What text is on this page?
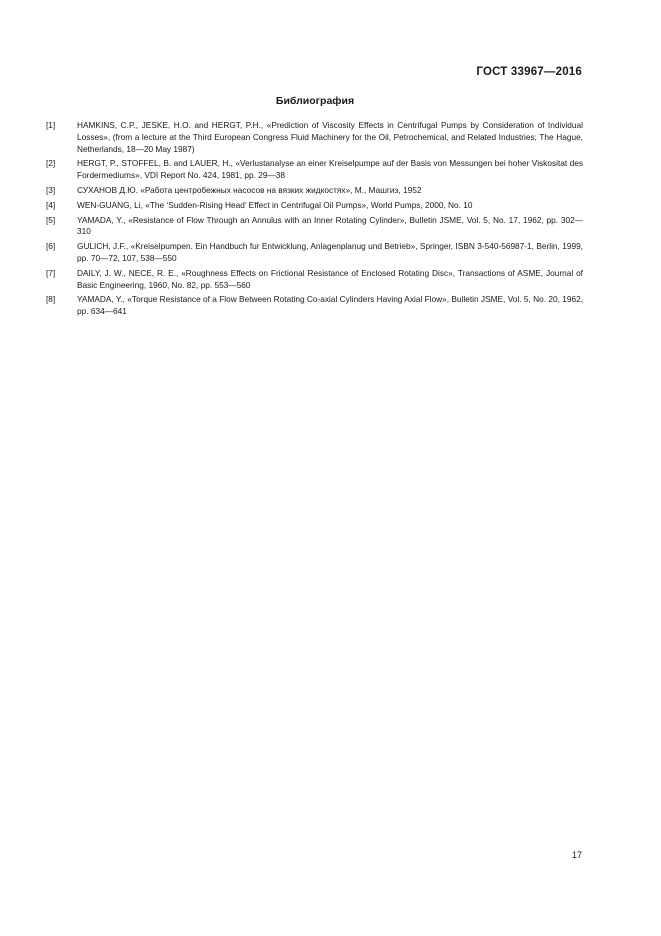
ГОСТ 33967—2016
Библиография
[1]	HAMKINS, C.P., JESKE, H.O. and HERGT, P.H., «Prediction of Viscosity Effects in Centrifugal Pumps by Consideration of Individual Losses», (from a lecture at the Third European Congress Fluid Machinery for the Oil, Petrochemical, and Related Industries; The Hague, Netherlands, 18—20 May 1987)
[2]	HERGT, P., STOFFEL, B. and LAUER, H., «Verlustanalyse an einer Kreiselpumpe auf der Basis von Messungen bei hoher Viskositat des Fordermediums», VDI Report No. 424, 1981, pp. 29—38
[3]	СУХАНОВ Д.Ю. «Работа центробежных насосов на вязких жидкостях», М., Машгиз, 1952
[4]	WEN-GUANG, Li, «The ‘Sudden-Rising Head’ Effect in Centrifugal Oil Pumps», World Pumps, 2000, No. 10
[5]	YAMADA, Y., «Resistance of Flow Through an Annulus with an Inner Rotating Cylinder», Bulletin JSME, Vol. 5, No. 17, 1962, pp. 302—310
[6]	GULICH, J.F., «Kreiselpumpen. Ein Handbuch fur Entwicklung, Anlagenplanug und Betrieb», Springer, ISBN 3-540-56987-1, Berlin, 1999, pp. 70—72, 107, 538—550
[7]	DAILY, J. W., NECE, R. E., «Roughness Effects on Frictional Resistance of Enclosed Rotating Disc», Transactions of ASME, Journal of Basic Engineering, 1960, No. 82, pp. 553—560
[8]	YAMADA, Y., «Torque Resistance of a Flow Between Rotating Co-axial Cylinders Having Axial Flow», Bulletin JSME, Vol. 5, No. 20, 1962, pp. 634—641
17
